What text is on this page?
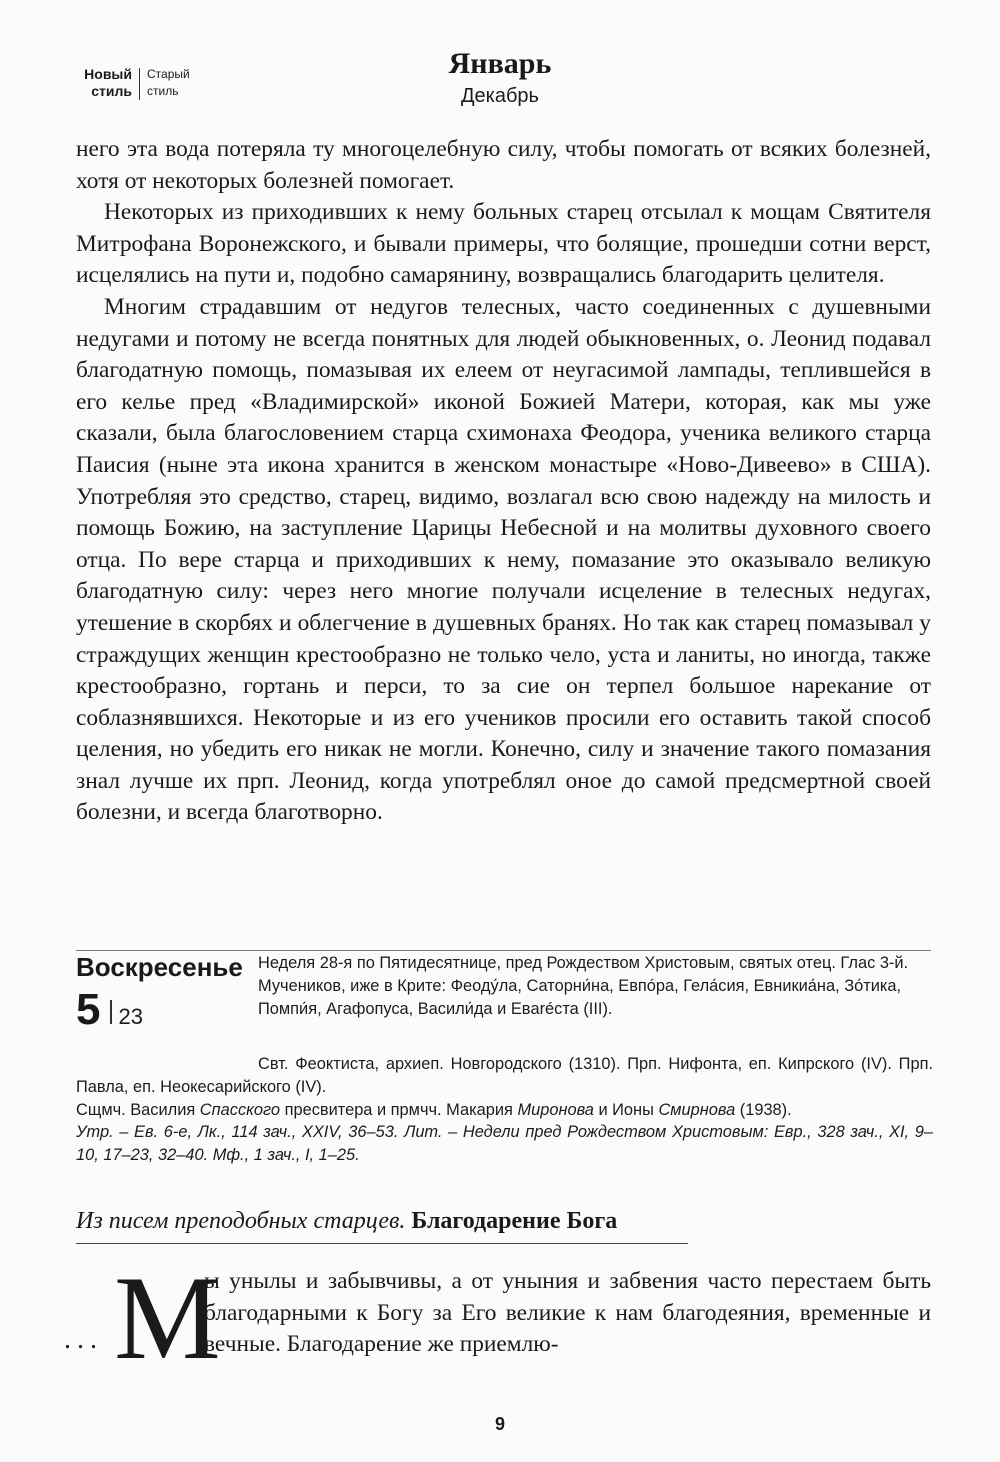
Новый стиль
Старый стиль
Январь
Декабрь

него эта вода потеряла ту многоцелебную силу, чтобы помогать от всяких болезней, хотя от некоторых болезней помогает.

Некоторых из приходивших к нему больных старец отсылал к мощам Святителя Митрофана Воронежского, и бывали примеры, что болящие, прошедши сотни верст, исцелялись на пути и, подобно самарянину, возвращались благодарить целителя.

Многим страдавшим от недугов телесных, часто соединенных с душевными недугами и потому не всегда понятных для людей обыкновенных, о. Леонид подавал благодатную помощь, помазывая их елеем от неугасимой лампады, теплившейся в его келье пред «Владимирской» иконой Божией Матери, которая, как мы уже сказали, была благословением старца схимонаха Феодора, ученика великого старца Паисия (ныне эта икона хранится в женском монастыре «Ново-Дивеево» в США). Употребляя это средство, старец, видимо, возлагал всю свою надежду на милость и помощь Божию, на заступление Царицы Небесной и на молитвы духовного своего отца. По вере старца и приходивших к нему, помазание это оказывало великую благодатную силу: через него многие получали исцеление в телесных недугах, утешение в скорбях и облегчение в душевных бранях. Но так как старец помазывал у страждущих женщин крестообразно не только чело, уста и ланиты, но иногда, также крестообразно, гортань и перси, то за сие он терпел большое нарекание от соблазнявшихся. Некоторые и из его учеников просили его оставить такой способ целения, но убедить его никак не могли. Конечно, силу и значение такого помазания знал лучше их прп. Леонид, когда употреблял оное до самой предсмертной своей болезни, и всегда благотворно.

Воскресенье
5 23

Неделя 28-я по Пятидесятнице, пред Рождеством Христовым, святых отец. Глас 3-й.

Мучеников, иже в Крите: Феоду́ла, Саторни́на, Евпо́ра, Гела́сия, Евникиа́на, Зо́тика, Помпи́я, Агафопуса, Васили́да и Евaréста (III).

Свт. Феоктиста, архиеп. Новгородского (1310). Прп. Нифонта, еп. Кипрского (IV). Прп. Павла, еп. Неокесарийского (IV).

Сщмч. Василия Спасского пресвитера и прмчч. Макария Миронова и Ионы Смирнова (1938).

Утр. – Ев. 6-е, Лк., 114 зач., XXIV, 36–53. Лит. – Недели пред Рождеством Христовым: Евр., 328 зач., XI, 9–10, 17–23, 32–40. Мф., 1 зач., I, 1–25.

Из писем преподобных старцев. Благодарение Бога
... М

ы унылы и забывчивы, а от уныния и забвения часто перестаем быть благодарными к Богу за Его великие к нам благодеяния, временные и вечные. Благодарение же приемлю-

9
